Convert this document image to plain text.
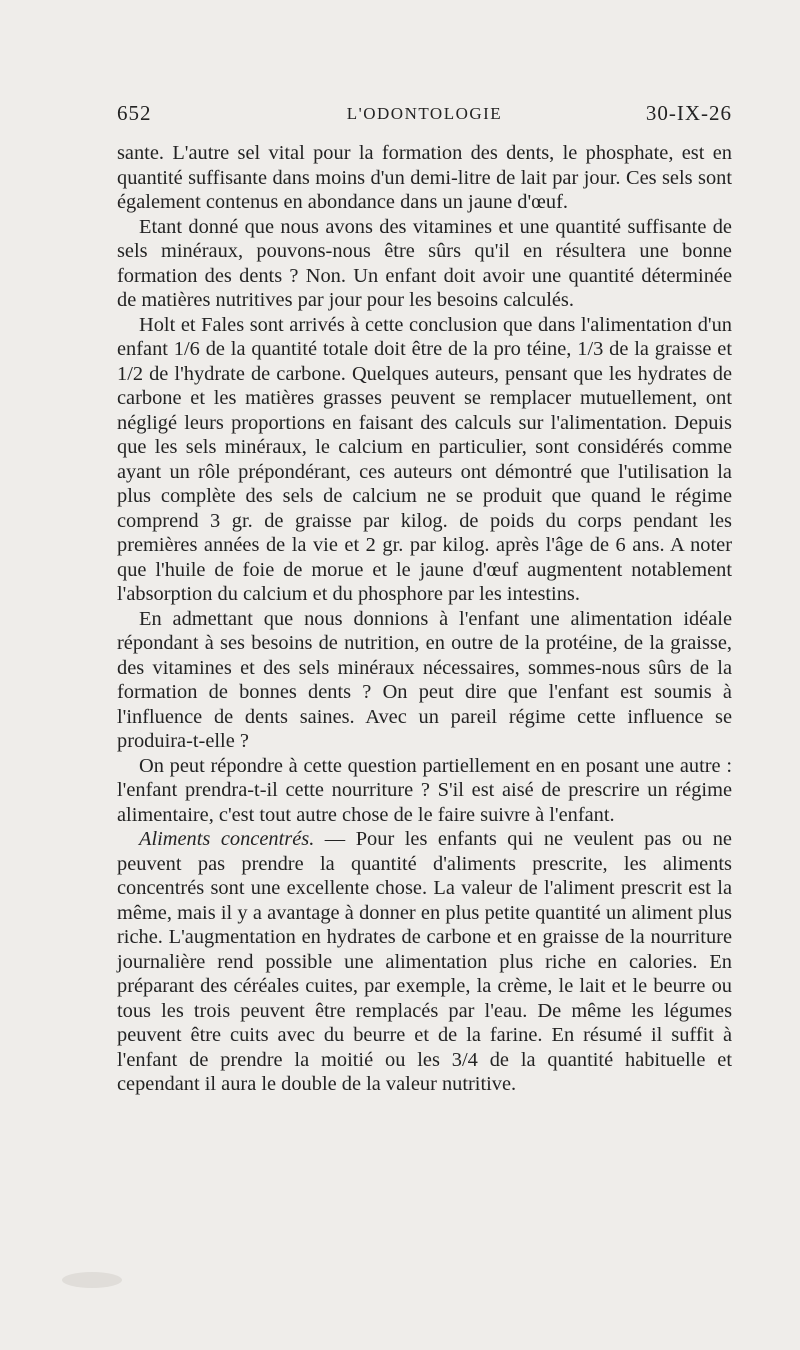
652	L'ODONTOLOGIE	30-IX-26

sante. L'autre sel vital pour la formation des dents, le phosphate, est en quantité suffisante dans moins d'un demi-litre de lait par jour. Ces sels sont également contenus en abondance dans un jaune d'œuf.

Etant donné que nous avons des vitamines et une quantité suffisante de sels minéraux, pouvons-nous être sûrs qu'il en résultera une bonne formation des dents ? Non. Un enfant doit avoir une quantité déterminée de matières nutritives par jour pour les besoins calculés.

Holt et Fales sont arrivés à cette conclusion que dans l'alimentation d'un enfant 1/6 de la quantité totale doit être de la pro téine, 1/3 de la graisse et 1/2 de l'hydrate de carbone. Quelques auteurs, pensant que les hydrates de carbone et les matières grasses peuvent se remplacer mutuellement, ont négligé leurs proportions en faisant des calculs sur l'alimentation. Depuis que les sels minéraux, le calcium en particulier, sont considérés comme ayant un rôle prépondérant, ces auteurs ont démontré que l'utilisation la plus complète des sels de calcium ne se produit que quand le régime comprend 3 gr. de graisse par kilog. de poids du corps pendant les premières années de la vie et 2 gr. par kilog. après l'âge de 6 ans. A noter que l'huile de foie de morue et le jaune d'œuf augmentent notablement l'absorption du calcium et du phosphore par les intestins.

En admettant que nous donnions à l'enfant une alimentation idéale répondant à ses besoins de nutrition, en outre de la protéine, de la graisse, des vitamines et des sels minéraux nécessaires, sommes-nous sûrs de la formation de bonnes dents ? On peut dire que l'enfant est soumis à l'influence de dents saines. Avec un pareil régime cette influence se produira-t-elle ?

On peut répondre à cette question partiellement en en posant une autre : l'enfant prendra-t-il cette nourriture ? S'il est aisé de prescrire un régime alimentaire, c'est tout autre chose de le faire suivre à l'enfant.

Aliments concentrés. — Pour les enfants qui ne veulent pas ou ne peuvent pas prendre la quantité d'aliments prescrite, les aliments concentrés sont une excellente chose. La valeur de l'aliment prescrit est la même, mais il y a avantage à donner en plus petite quantité un aliment plus riche. L'augmentation en hydrates de carbone et en graisse de la nourriture journalière rend possible une alimentation plus riche en calories. En préparant des céréales cuites, par exemple, la crème, le lait et le beurre ou tous les trois peuvent être remplacés par l'eau. De même les légumes peuvent être cuits avec du beurre et de la farine. En résumé il suffit à l'enfant de prendre la moitié ou les 3/4 de la quantité habituelle et cependant il aura le double de la valeur nutritive.
